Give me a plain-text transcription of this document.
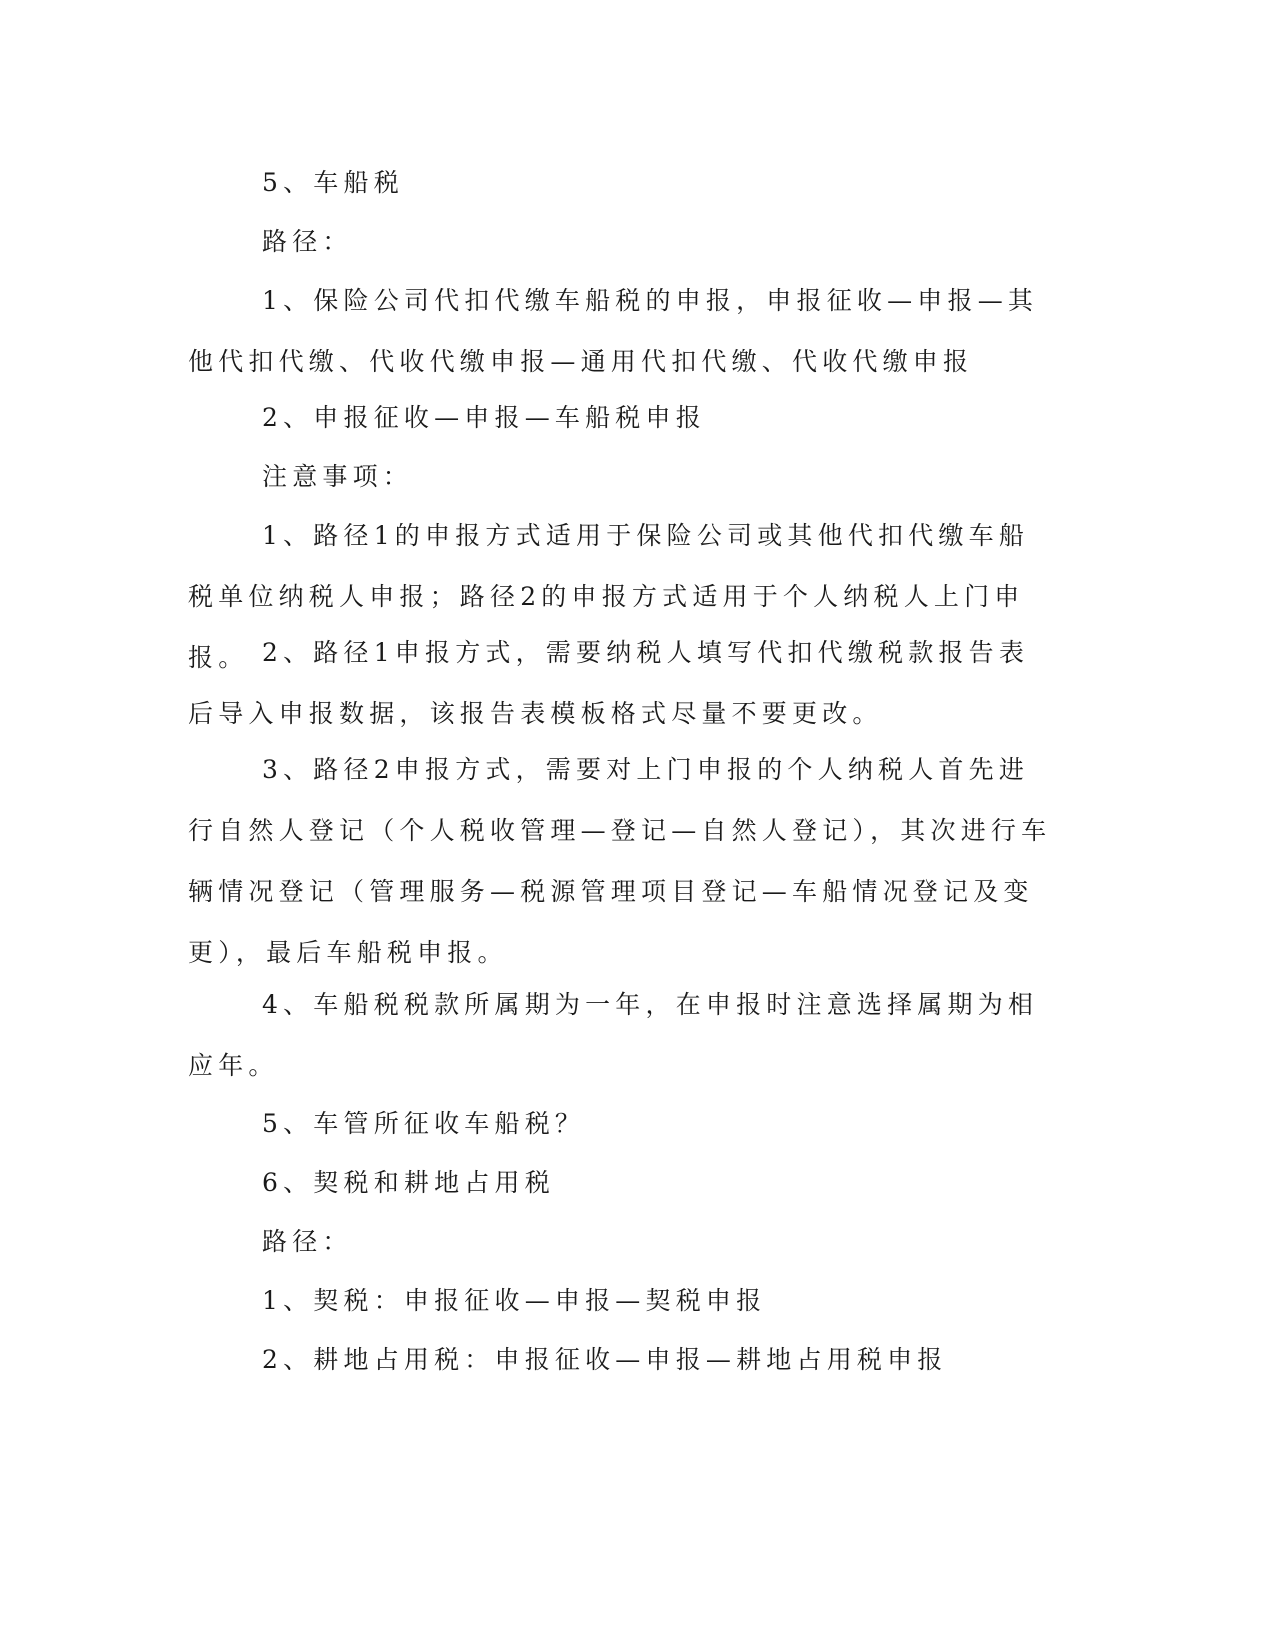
5、车船税

路径：

1、保险公司代扣代缴车船税的申报，申报征收—申报—其他代扣代缴、代收代缴申报—通用代扣代缴、代收代缴申报

2、申报征收—申报—车船税申报

注意事项：

1、路径1的申报方式适用于保险公司或其他代扣代缴车船税单位纳税人申报；路径2的申报方式适用于个人纳税人上门申报。 2、路径1申报方式，需要纳税人填写代扣代缴税款报告表后导入申报数据，该报告表模板格式尽量不要更改。

3、路径2申报方式，需要对上门申报的个人纳税人首先进行自然人登记（个人税收管理—登记—自然人登记），其次进行车辆情况登记（管理服务—税源管理项目登记—车船情况登记及变更），最后车船税申报。

4、车船税税款所属期为一年，在申报时注意选择属期为相应年。

5、车管所征收车船税？

6、契税和耕地占用税

路径：

1、契税：申报征收—申报—契税申报

2、耕地占用税：申报征收—申报—耕地占用税申报
